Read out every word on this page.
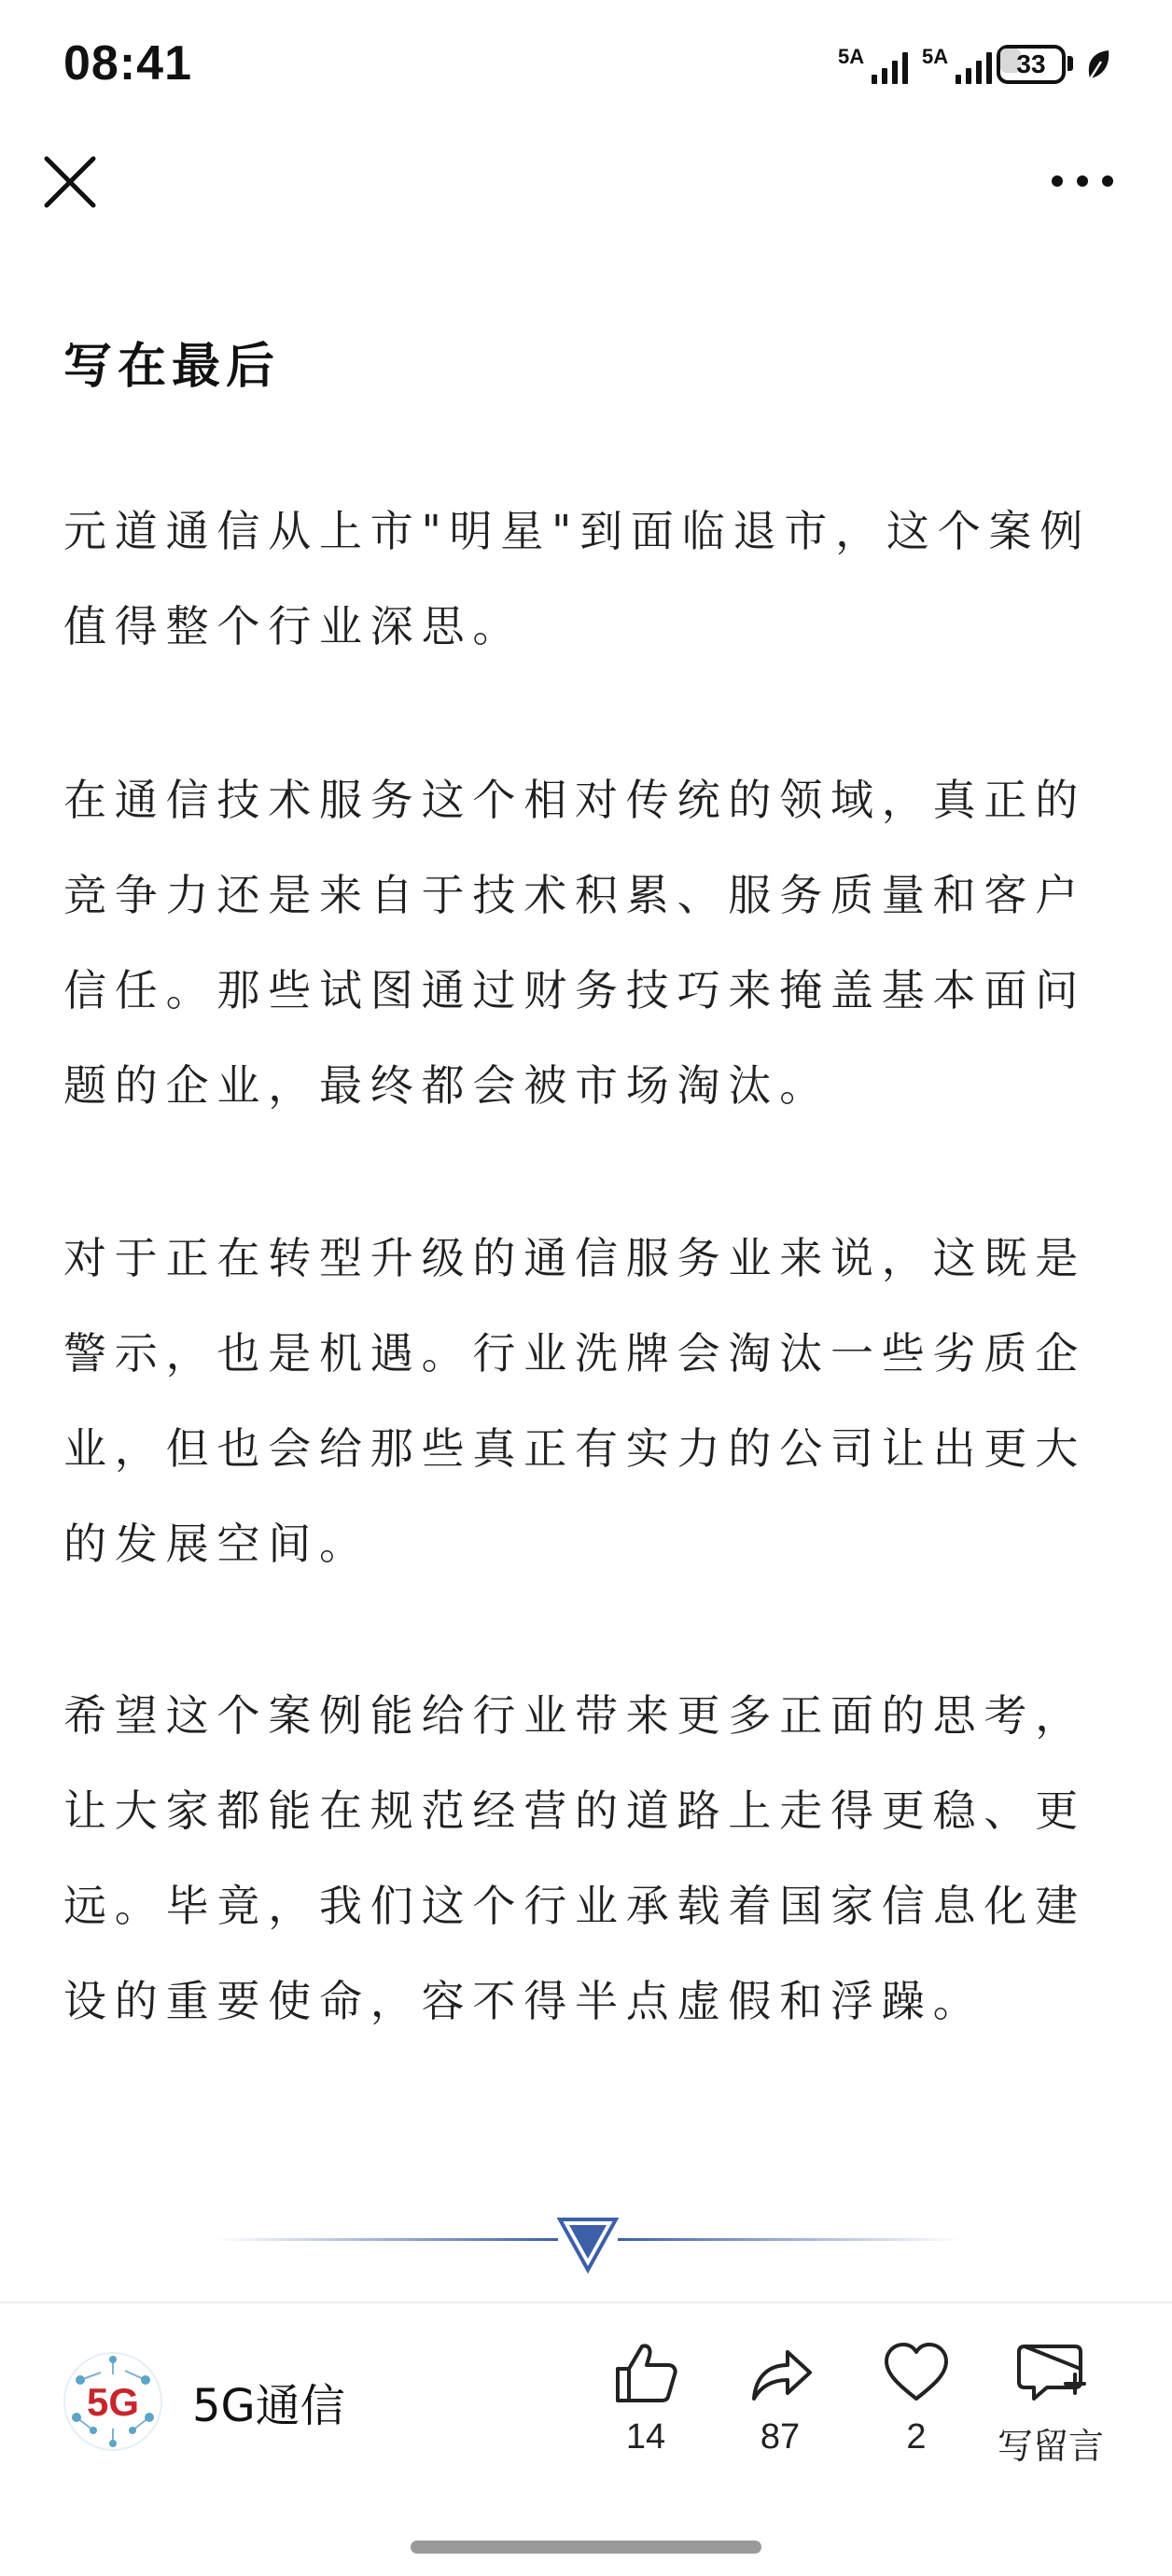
08:41	5A	5A	33
写在最后

元道通信从上市"明星"到面临退市，这个案例值得整个行业深思。

在通信技术服务这个相对传统的领域，真正的竞争力还是来自于技术积累、服务质量和客户信任。那些试图通过财务技巧来掩盖基本面问题的企业，最终都会被市场淘汰。

对于正在转型升级的通信服务业来说，这既是警示，也是机遇。行业洗牌会淘汰一些劣质企业，但也会给那些真正有实力的公司让出更大的发展空间。

希望这个案例能给行业带来更多正面的思考，让大家都能在规范经营的道路上走得更稳、更远。毕竟，我们这个行业承载着国家信息化建设的重要使命，容不得半点虚假和浮躁。

5G 5G通信
14	87	2	写留言
